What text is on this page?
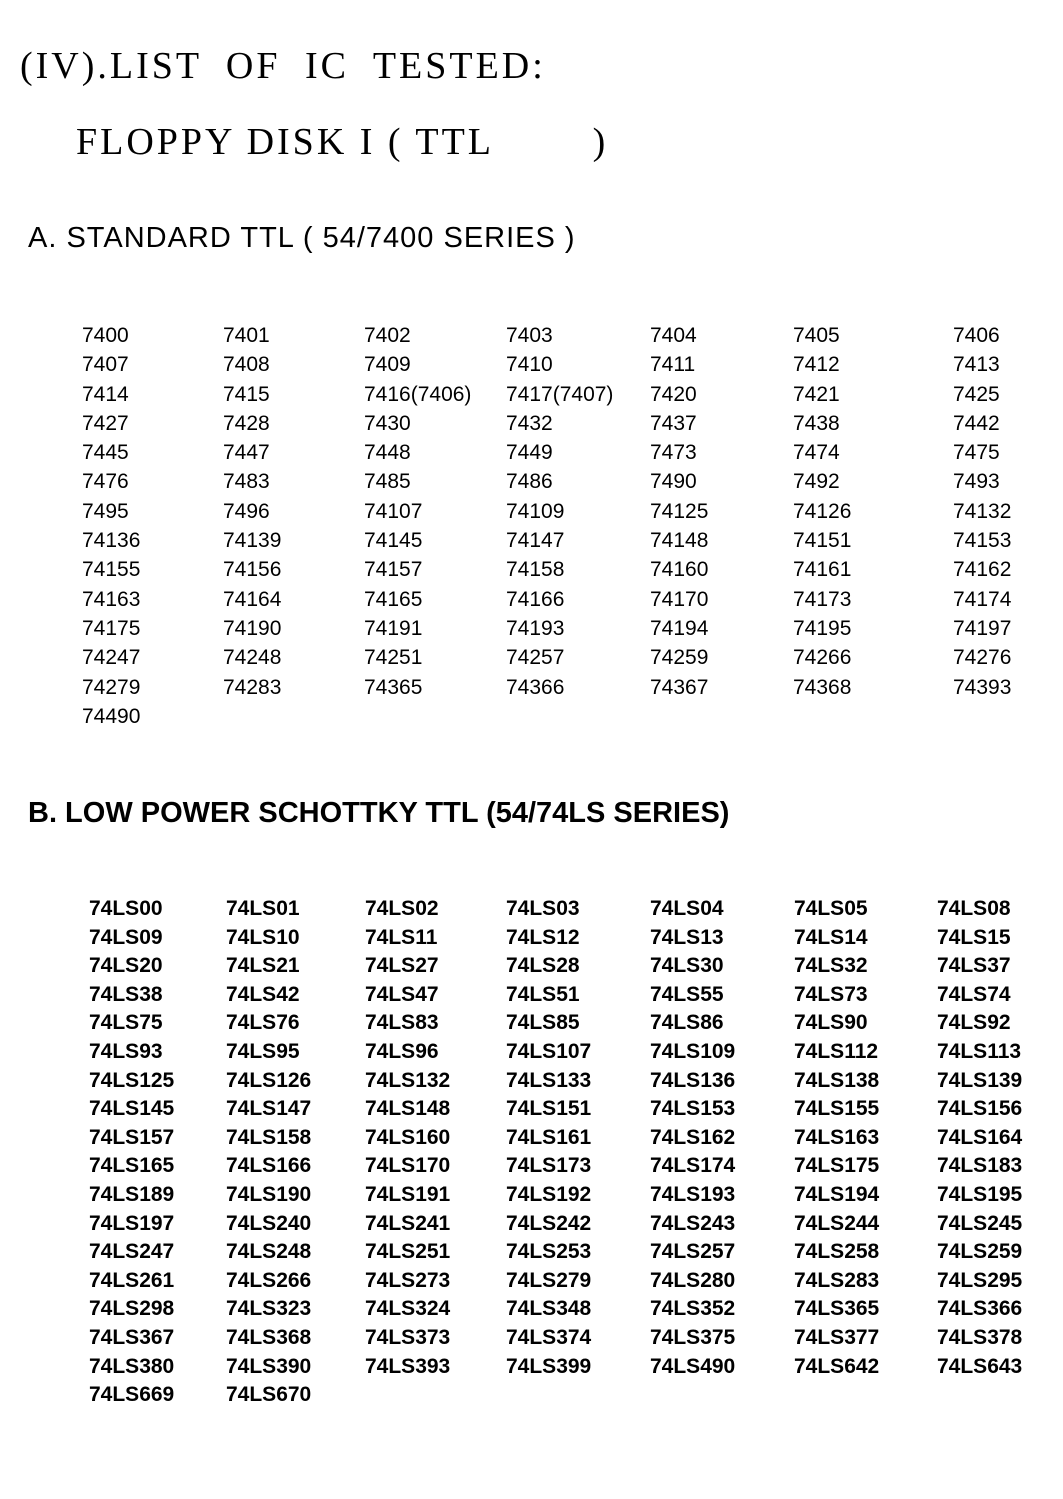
(IV).LIST OF IC TESTED:
FLOPPY DISK I ( TTL        )
A. STANDARD TTL ( 54/7400 SERIES )
7400	7401	7402	7403	7404	7405	7406
7407	7408	7409	7410	7411	7412	7413
7414	7415	7416(7406)	7417(7407)	7420	7421	7425
7427	7428	7430	7432	7437	7438	7442
7445	7447	7448	7449	7473	7474	7475
7476	7483	7485	7486	7490	7492	7493
7495	7496	74107	74109	74125	74126	74132
74136	74139	74145	74147	74148	74151	74153
74155	74156	74157	74158	74160	74161	74162
74163	74164	74165	74166	74170	74173	74174
74175	74190	74191	74193	74194	74195	74197
74247	74248	74251	74257	74259	74266	74276
74279	74283	74365	74366	74367	74368	74393
74490
B. LOW POWER SCHOTTKY TTL (54/74LS SERIES)
74LS00	74LS01	74LS02	74LS03	74LS04	74LS05	74LS08
74LS09	74LS10	74LS11	74LS12	74LS13	74LS14	74LS15
74LS20	74LS21	74LS27	74LS28	74LS30	74LS32	74LS37
74LS38	74LS42	74LS47	74LS51	74LS55	74LS73	74LS74
74LS75	74LS76	74LS83	74LS85	74LS86	74LS90	74LS92
74LS93	74LS95	74LS96	74LS107	74LS109	74LS112	74LS113
74LS125	74LS126	74LS132	74LS133	74LS136	74LS138	74LS139
74LS145	74LS147	74LS148	74LS151	74LS153	74LS155	74LS156
74LS157	74LS158	74LS160	74LS161	74LS162	74LS163	74LS164
74LS165	74LS166	74LS170	74LS173	74LS174	74LS175	74LS183
74LS189	74LS190	74LS191	74LS192	74LS193	74LS194	74LS195
74LS197	74LS240	74LS241	74LS242	74LS243	74LS244	74LS245
74LS247	74LS248	74LS251	74LS253	74LS257	74LS258	74LS259
74LS261	74LS266	74LS273	74LS279	74LS280	74LS283	74LS295
74LS298	74LS323	74LS324	74LS348	74LS352	74LS365	74LS366
74LS367	74LS368	74LS373	74LS374	74LS375	74LS377	74LS378
74LS380	74LS390	74LS393	74LS399	74LS490	74LS642	74LS643
74LS669	74LS670
